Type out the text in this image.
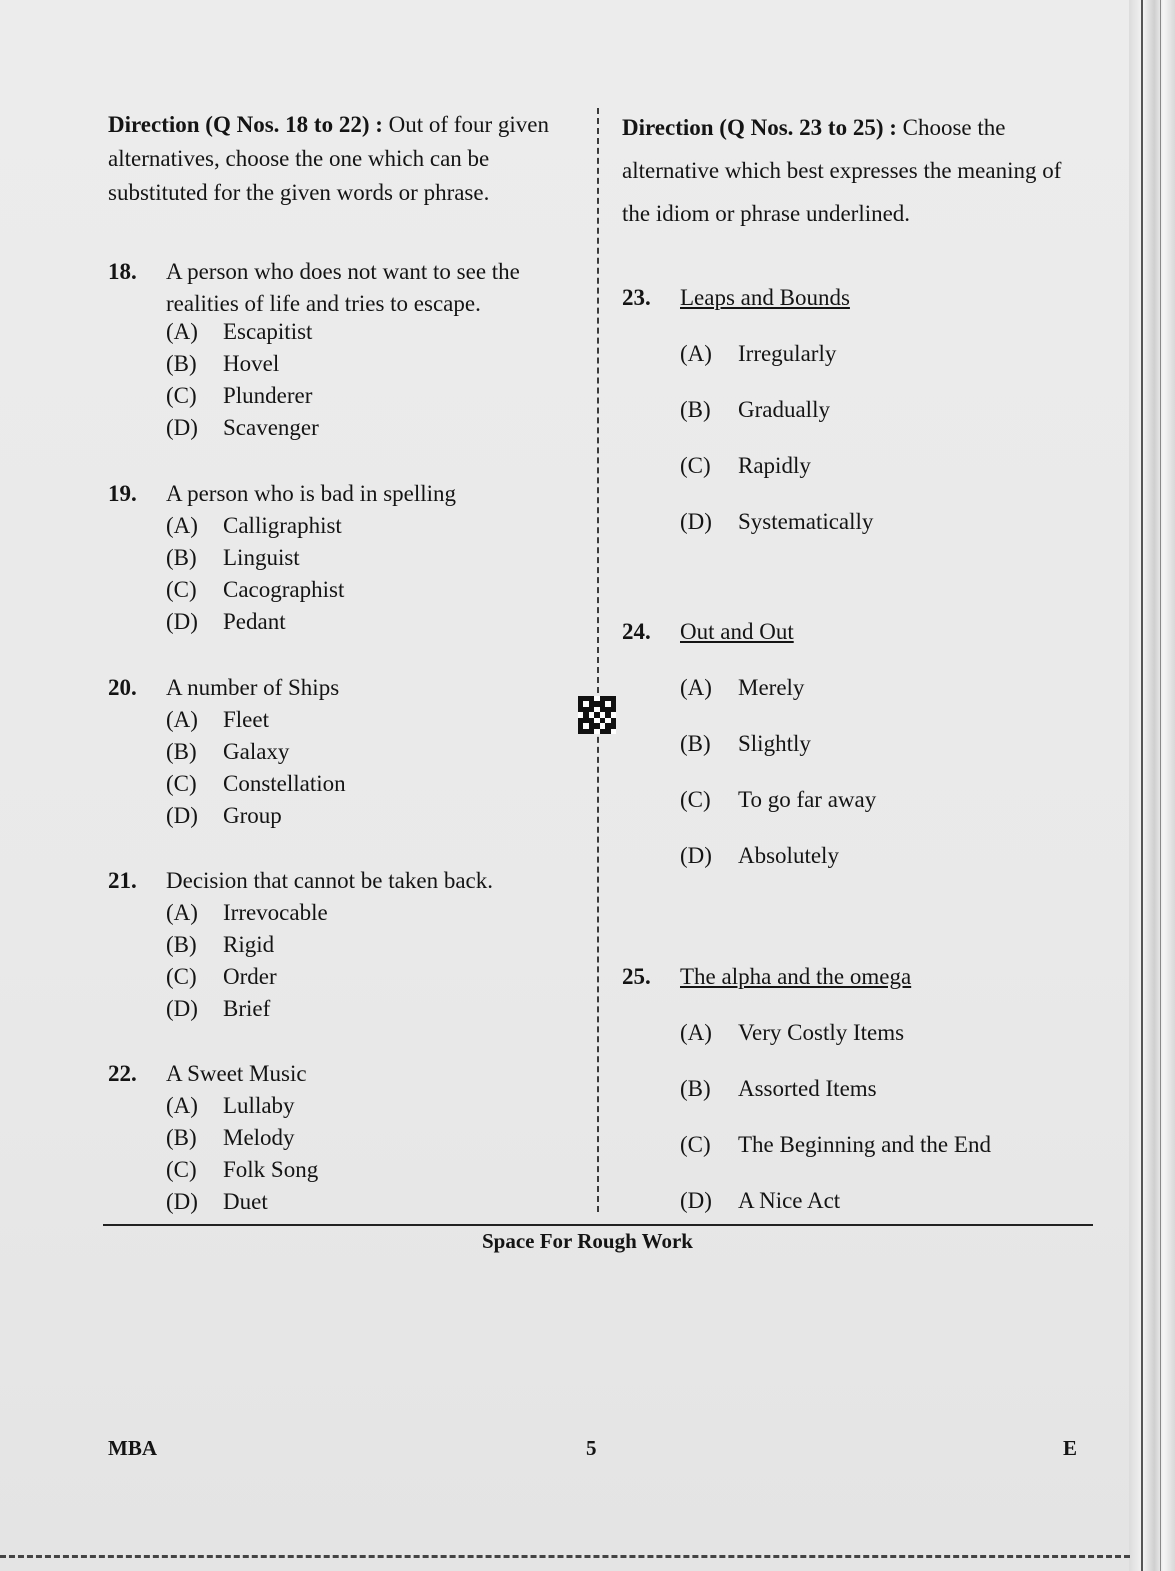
Direction (Q Nos. 18 to 22) : Out of four given alternatives, choose the one which can be substituted for the given words or phrase.
18. A person who does not want to see the realities of life and tries to escape.
(A) Escapitist
(B) Hovel
(C) Plunderer
(D) Scavenger
19. A person who is bad in spelling
(A) Calligraphist
(B) Linguist
(C) Cacographist
(D) Pedant
20. A number of Ships
(A) Fleet
(B) Galaxy
(C) Constellation
(D) Group
21. Decision that cannot be taken back.
(A) Irrevocable
(B) Rigid
(C) Order
(D) Brief
22. A Sweet Music
(A) Lullaby
(B) Melody
(C) Folk Song
(D) Duet
Direction (Q Nos. 23 to 25) : Choose the alternative which best expresses the meaning of the idiom or phrase underlined.
23. Leaps and Bounds
(A) Irregularly
(B) Gradually
(C) Rapidly
(D) Systematically
24. Out and Out
(A) Merely
(B) Slightly
(C) To go far away
(D) Absolutely
25. The alpha and the omega
(A) Very Costly Items
(B) Assorted Items
(C) The Beginning and the End
(D) A Nice Act
Space For Rough Work
MBA	5	E
